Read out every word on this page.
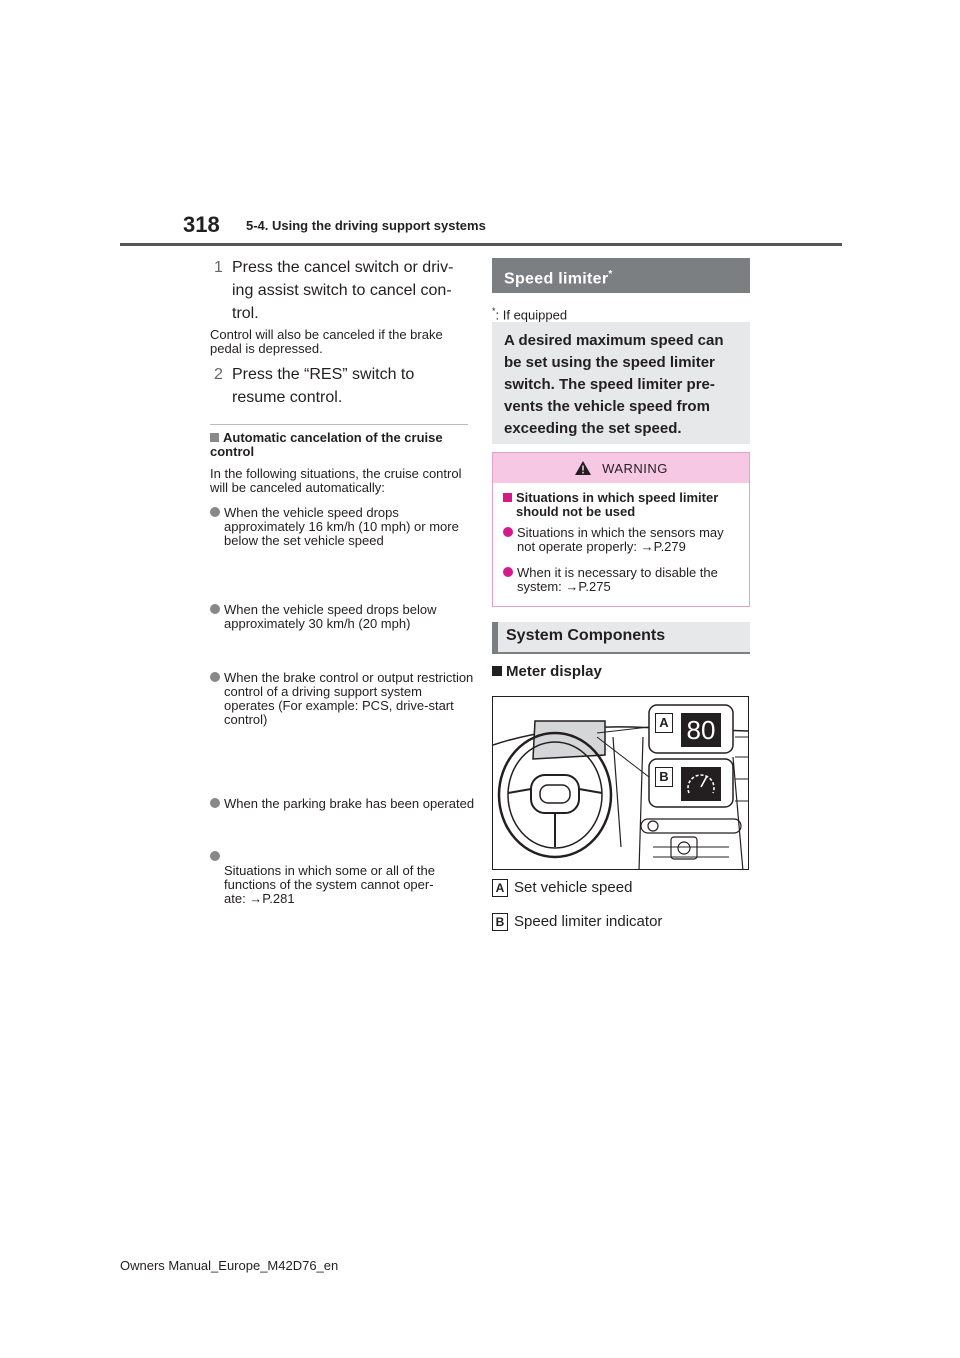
318 5-4. Using the driving support systems
1 Press the cancel switch or driv-
ing assist switch to cancel con-
trol.
Control will also be canceled if the brake pedal is depressed.
2 Press the “RES” switch to
resume control.
Automatic cancelation of the cruise control
In the following situations, the cruise control will be canceled automatically:
When the vehicle speed drops approximately 16 km/h (10 mph) or more below the set vehicle speed
When the vehicle speed drops below approximately 30 km/h (20 mph)
When the brake control or output restriction control of a driving support system operates (For example: PCS, drive-start control)
When the parking brake has been operated

Situations in which some or all of the functions of the system cannot oper-
ate: →P.281

Speed limiter*
*: If equipped
A desired maximum speed can be set using the speed limiter switch. The speed limiter pre-
vents the vehicle speed from exceeding the set speed.
WARNING
Situations in which speed limiter should not be used
Situations in which the sensors may not operate properly: →P.279
When it is necessary to disable the system: →P.275
System Components
Meter display
A
B
80
A Set vehicle speed
B Speed limiter indicator
Owners Manual_Europe_M42D76_en
